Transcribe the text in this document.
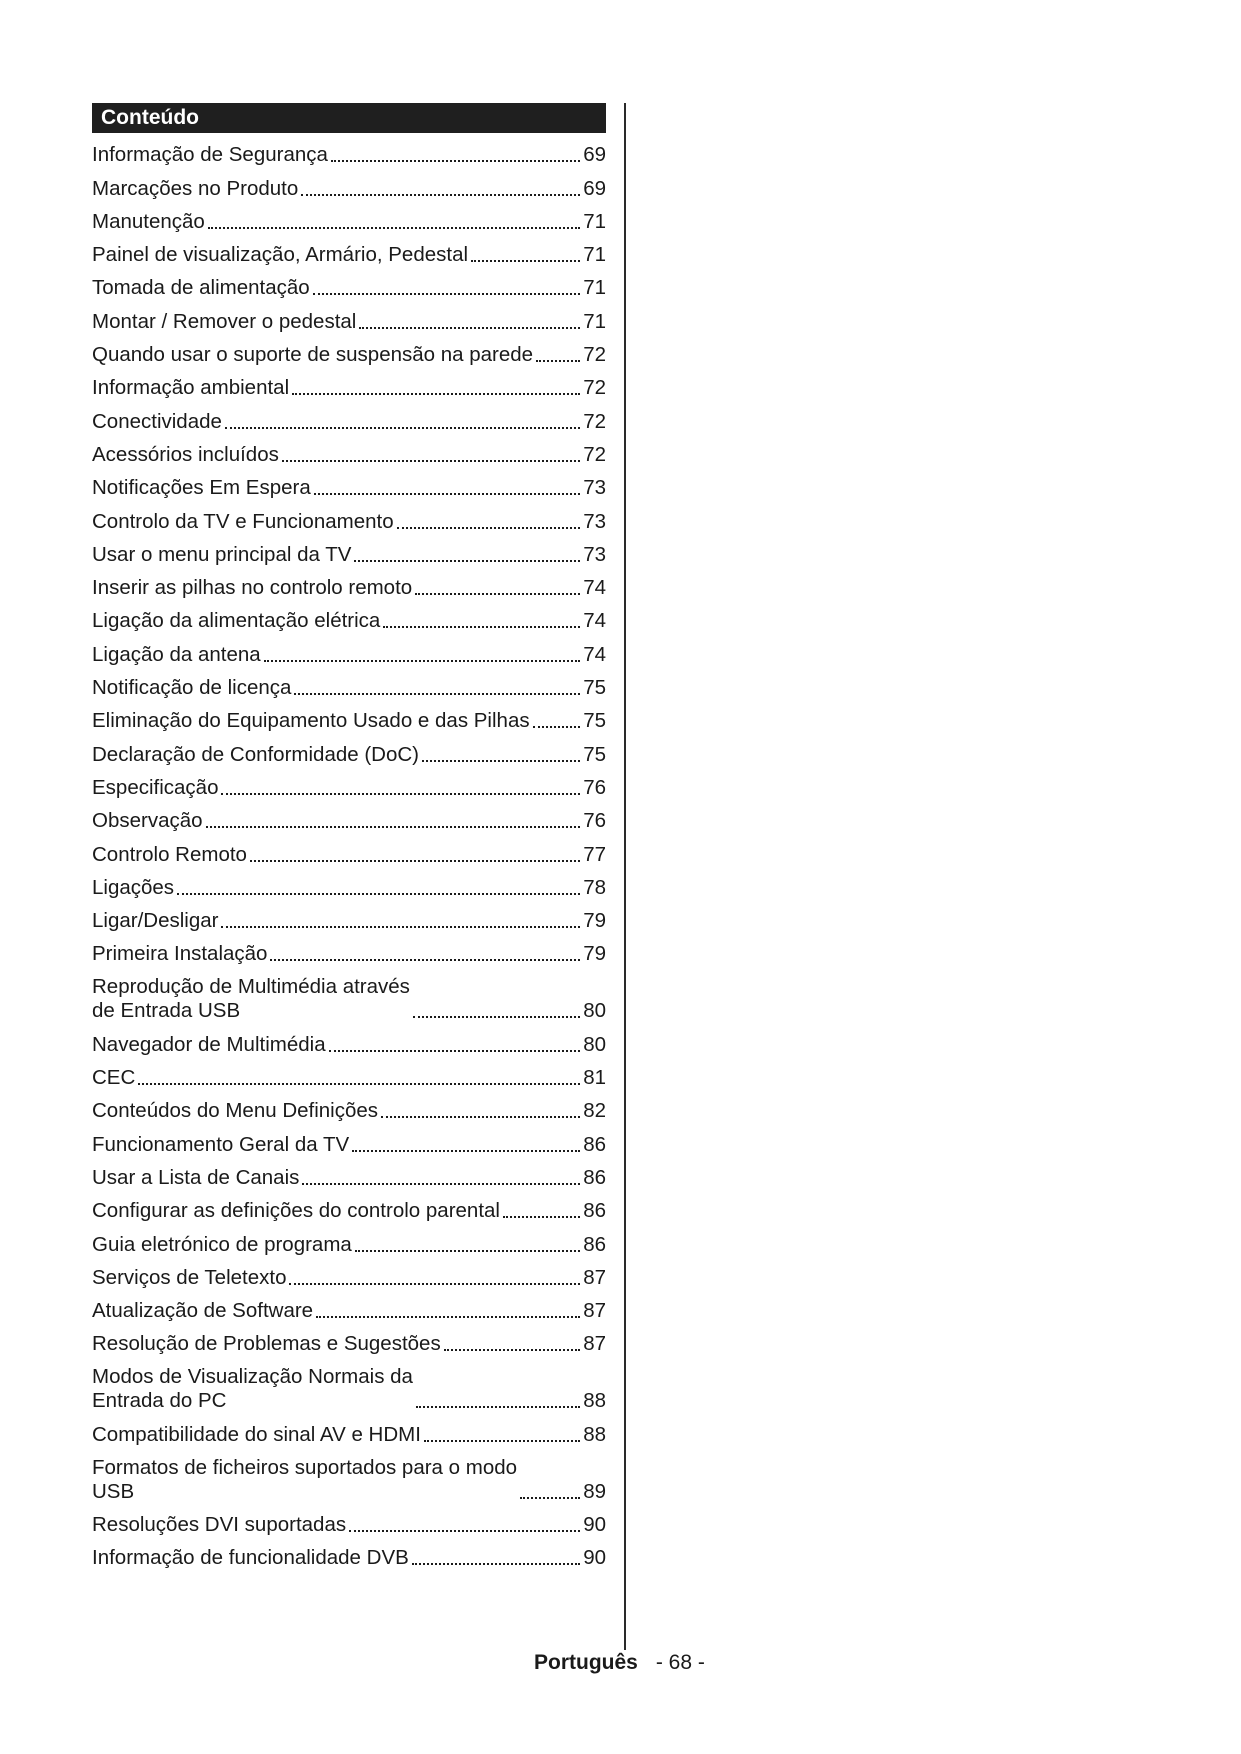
Conteúdo
Informação de Segurança	69
Marcações no Produto	69
Manutenção	71
Painel de visualização, Armário, Pedestal	71
Tomada de alimentação	71
Montar / Remover o pedestal	71
Quando usar o suporte de suspensão na parede 72
Informação ambiental	72
Conectividade	72
Acessórios incluídos	72
Notificações Em Espera	73
Controlo da TV e Funcionamento	73
Usar o menu principal da TV	73
Inserir as pilhas no controlo remoto	74
Ligação da alimentação elétrica	74
Ligação da antena	74
Notificação de licença	75
Eliminação do Equipamento Usado e das Pilhas	75
Declaração de Conformidade (DoC)	75
Especificação	76
Observação	76
Controlo Remoto	77
Ligações	78
Ligar/Desligar	79
Primeira Instalação	79
Reprodução de Multimédia através
de Entrada USB	80
Navegador de Multimédia	80
CEC	81
Conteúdos do Menu Definições	82
Funcionamento Geral da TV	86
Usar a Lista de Canais	86
Configurar as definições do controlo parental	86
Guia eletrónico de programa	86
Serviços de Teletexto	87
Atualização de Software	87
Resolução de Problemas e Sugestões	87
Modos de Visualização Normais da
Entrada do PC	88
Compatibilidade do sinal AV e HDMI	88
Formatos de ficheiros suportados para o modo
USB	89
Resoluções DVI suportadas	90
Informação de funcionalidade DVB	90
Português - 68 -
